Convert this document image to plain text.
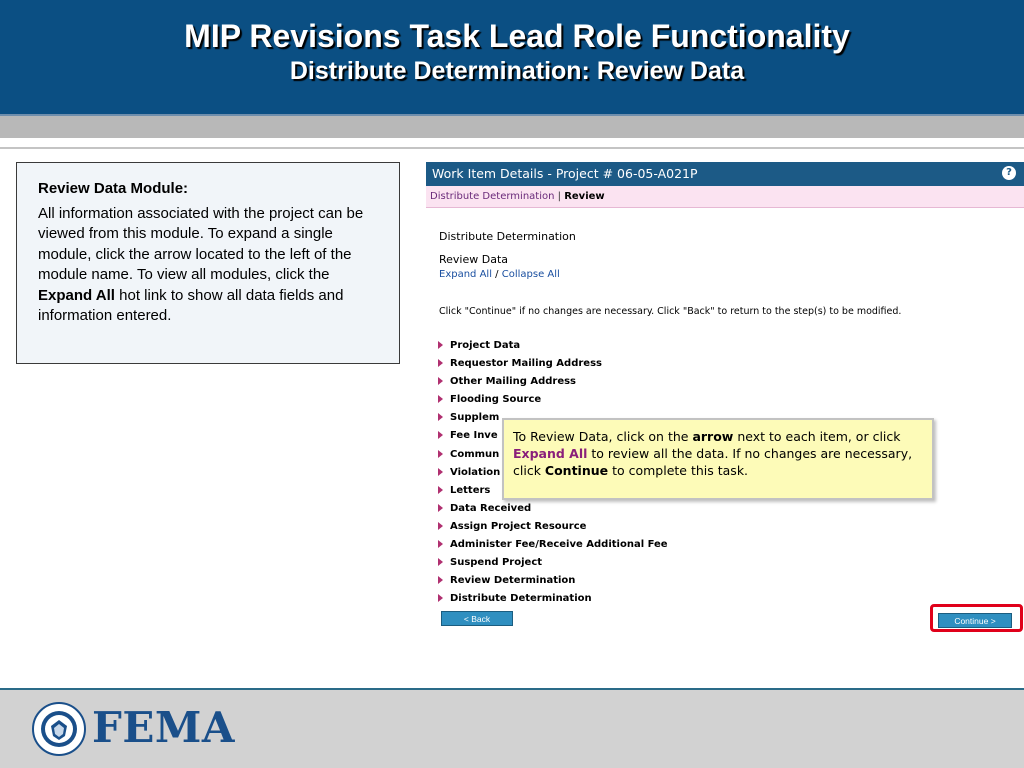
MIP Revisions Task Lead Role Functionality
Distribute Determination: Review Data
Review Data Module:
All information associated with the project can be viewed from this module. To expand a single module, click the arrow located to the left of the module name. To view all modules, click the Expand All hot link to show all data fields and information entered.
Work Item Details - Project # 06-05-A021P	?
Distribute Determination | Review
Distribute Determination
Review Data
Expand All / Collapse All
Click "Continue" if no changes are necessary. Click "Back" to return to the step(s) to be modified.
Project Data
Requestor Mailing Address
Other Mailing Address
Flooding Source
Supplem
Fee Inve
Commun
Violation
Letters
Data Received
Assign Project Resource
Administer Fee/Receive Additional Fee
Suspend Project
Review Determination
Distribute Determination
< Back	Continue >
To Review Data, click on the arrow next to each item, or click Expand All to review all the data. If no changes are necessary, click Continue to complete this task.
FEMA
